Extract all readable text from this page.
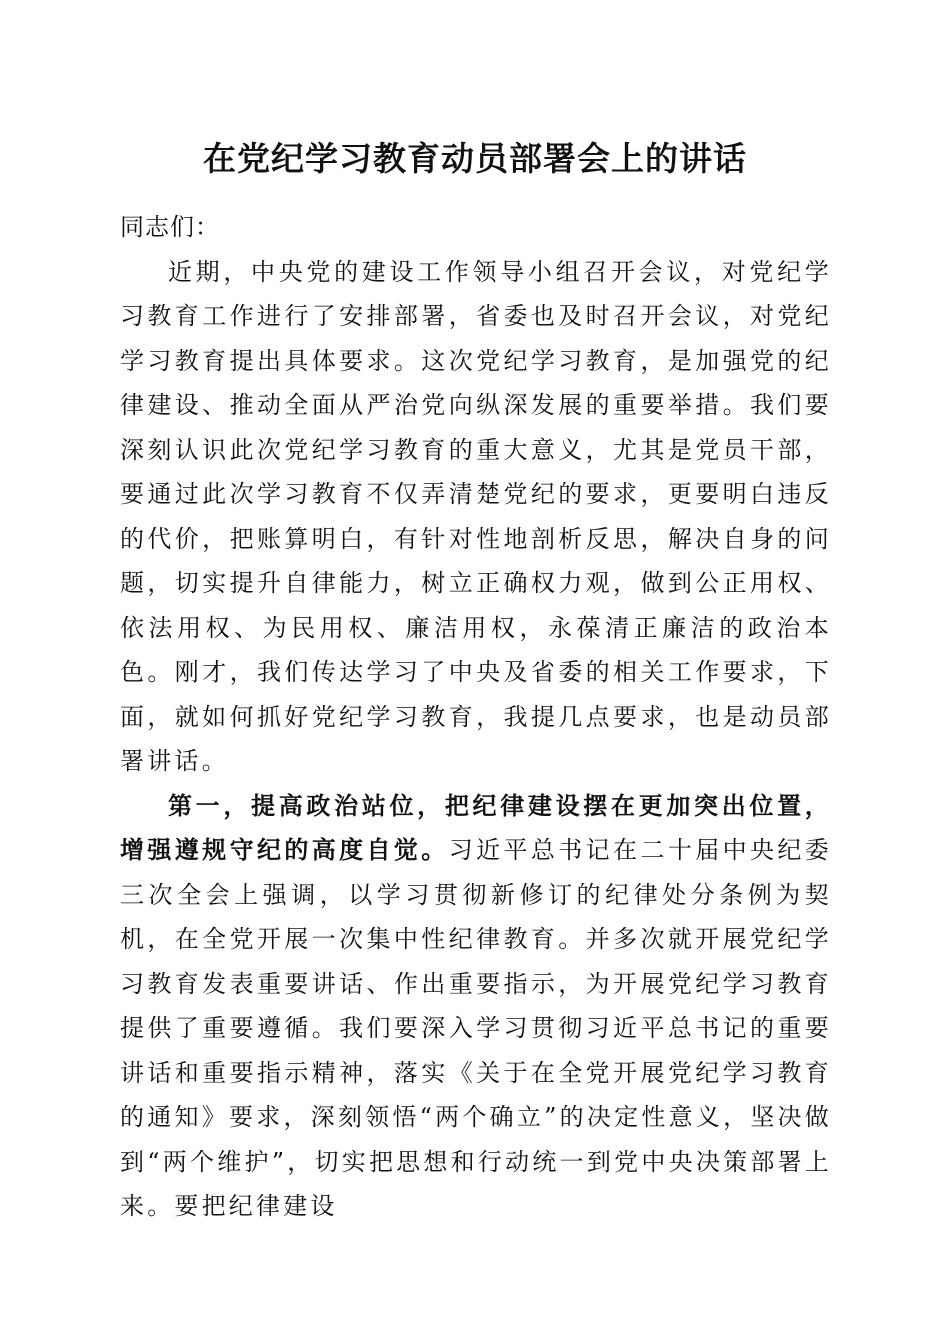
在党纪学习教育动员部署会上的讲话

同志们：

近期，中央党的建设工作领导小组召开会议，对党纪学习教育工作进行了安排部署，省委也及时召开会议，对党纪学习教育提出具体要求。这次党纪学习教育，是加强党的纪律建设、推动全面从严治党向纵深发展的重要举措。我们要深刻认识此次党纪学习教育的重大意义，尤其是党员干部，要通过此次学习教育不仅弄清楚党纪的要求，更要明白违反的代价，把账算明白，有针对性地剖析反思，解决自身的问题，切实提升自律能力，树立正确权力观，做到公正用权、依法用权、为民用权、廉洁用权，永葆清正廉洁的政治本色。刚才，我们传达学习了中央及省委的相关工作要求，下面，就如何抓好党纪学习教育，我提几点要求，也是动员部署讲话。

第一，提高政治站位，把纪律建设摆在更加突出位置，增强遵规守纪的高度自觉。习近平总书记在二十届中央纪委三次全会上强调，以学习贯彻新修订的纪律处分条例为契机，在全党开展一次集中性纪律教育。并多次就开展党纪学习教育发表重要讲话、作出重要指示，为开展党纪学习教育提供了重要遵循。我们要深入学习贯彻习近平总书记的重要讲话和重要指示精神，落实《关于在全党开展党纪学习教育的通知》要求，深刻领悟“两个确立”的决定性意义，坚决做到“两个维护”，切实把思想和行动统一到党中央决策部署上来。要把纪律建设
